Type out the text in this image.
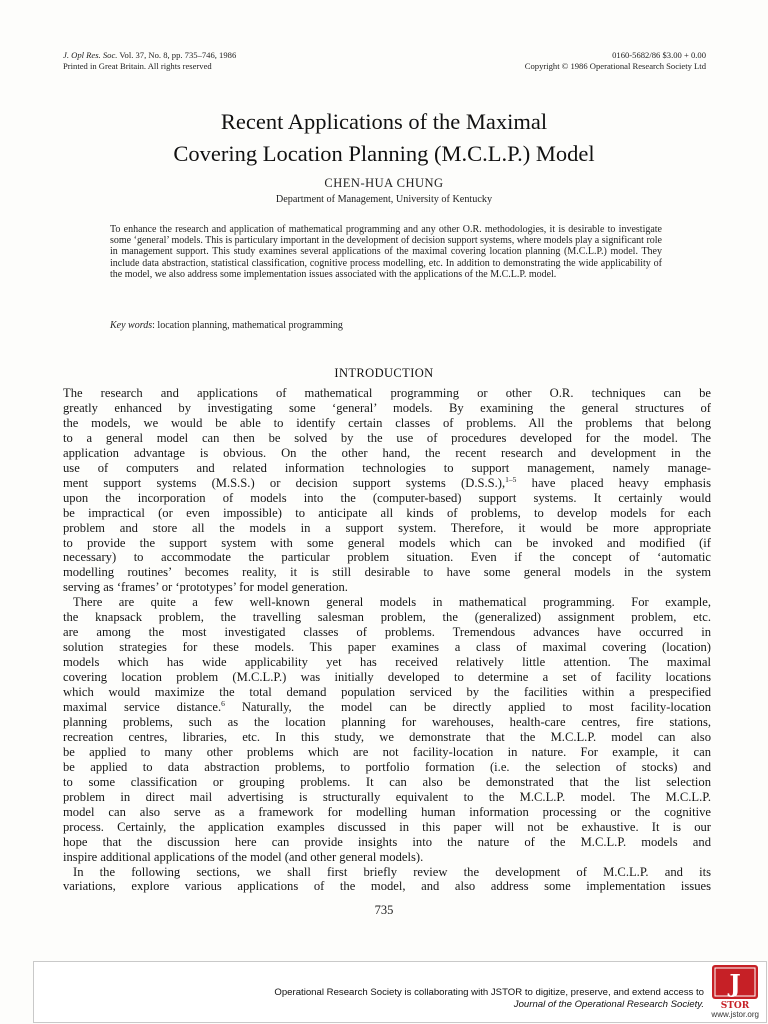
J. Opl Res. Soc. Vol. 37, No. 8, pp. 735–746, 1986
Printed in Great Britain. All rights reserved
0160-5682/86 $3.00 + 0.00
Copyright © 1986 Operational Research Society Ltd
Recent Applications of the Maximal
Covering Location Planning (M.C.L.P.) Model
CHEN-HUA CHUNG
Department of Management, University of Kentucky
To enhance the research and application of mathematical programming and any other O.R. methodologies, it is desirable to investigate some ‘general’ models. This is particulary important in the development of decision support systems, where models play a significant role in management support. This study examines several applications of the maximal covering location planning (M.C.L.P.) model. They include data abstraction, statistical classification, cognitive process modelling, etc. In addition to demonstrating the wide applicability of the model, we also address some implementation issues associated with the applications of the M.C.L.P. model.
Key words: location planning, mathematical programming
INTRODUCTION
The research and applications of mathematical programming or other O.R. techniques can be
greatly enhanced by investigating some ‘general’ models. By examining the general structures of
the models, we would be able to identify certain classes of problems. All the problems that belong
to a general model can then be solved by the use of procedures developed for the model. The
application advantage is obvious. On the other hand, the recent research and development in the
use of computers and related information technologies to support management, namely manage-
ment support systems (M.S.S.) or decision support systems (D.S.S.),$^{1-5}$ have placed heavy emphasis
upon the incorporation of models into the (computer-based) support systems. It certainly would
be impractical (or even impossible) to anticipate all kinds of problems, to develop models for each
problem and store all the models in a support system. Therefore, it would be more appropriate
to provide the support system with some general models which can be invoked and modified (if
necessary) to accommodate the particular problem situation. Even if the concept of ‘automatic
modelling routines’ becomes reality, it is still desirable to have some general models in the system
serving as ‘frames’ or ‘prototypes’ for model generation.
There are quite a few well-known general models in mathematical programming. For example,
the knapsack problem, the travelling salesman problem, the (generalized) assignment problem, etc.
are among the most investigated classes of problems. Tremendous advances have occurred in
solution strategies for these models. This paper examines a class of maximal covering (location)
models which has wide applicability yet has received relatively little attention. The maximal
covering location problem (M.C.L.P.) was initially developed to determine a set of facility locations
which would maximize the total demand population serviced by the facilities within a prespecified
maximal service distance.$^6$ Naturally, the model can be directly applied to most facility-location
planning problems, such as the location planning for warehouses, health-care centres, fire stations,
recreation centres, libraries, etc. In this study, we demonstrate that the M.C.L.P. model can also
be applied to many other problems which are not facility-location in nature. For example, it can
be applied to data abstraction problems, to portfolio formation (i.e. the selection of stocks) and
to some classification or grouping problems. It can also be demonstrated that the list selection
problem in direct mail advertising is structurally equivalent to the M.C.L.P. model. The M.C.L.P.
model can also serve as a framework for modelling human information processing or the cognitive
process. Certainly, the application examples discussed in this paper will not be exhaustive. It is our
hope that the discussion here can provide insights into the nature of the M.C.L.P. models and
inspire additional applications of the model (and other general models).
In the following sections, we shall first briefly review the development of M.C.L.P. and its
variations, explore various applications of the model, and also address some implementation issues
735
Operational Research Society is collaborating with JSTOR to digitize, preserve, and extend access to
Journal of the Operational Research Society.
J
STOR
www.jstor.org
